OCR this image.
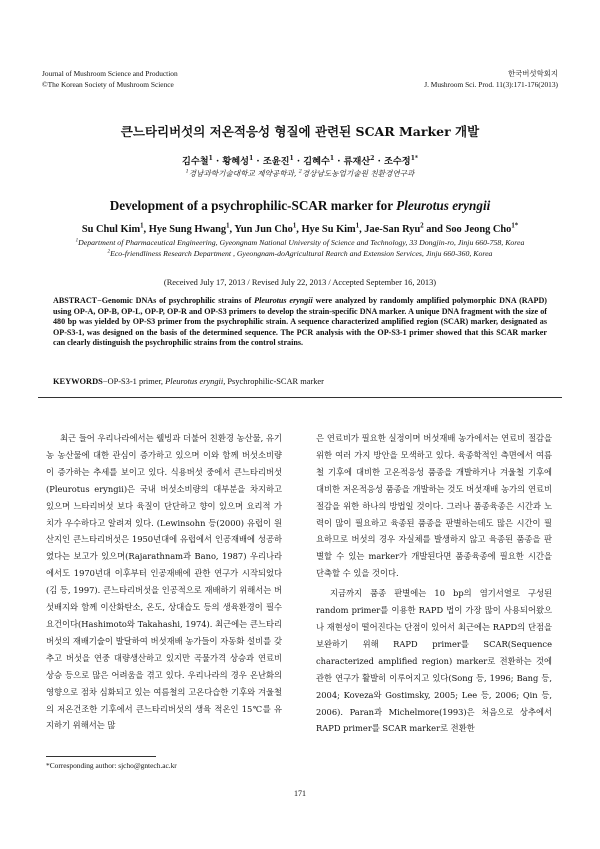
Journal of Mushroom Science and Production
©The Korean Society of Mushroom Science
한국버섯학회지
J. Mushroom Sci. Prod. 11(3):171-176(2013)
큰느타리버섯의 저온적응성 형질에 관련된 SCAR Marker 개발
김수철$^1$ · 황혜성$^1$ · 조윤진$^1$ · 김혜수$^1$ · 류재산$^2$ · 조수정$^{1*}$
$^1$경남과학기술대학교 제약공학과, $^2$경상남도농업기술원 친환경연구과
Development of a psychrophilic-SCAR marker for Pleurotus eryngii
Su Chul Kim$^1$, Hye Sung Hwang$^1$, Yun Jun Cho$^1$, Hye Su Kim$^1$, Jae-San Ryu$^2$ and Soo Jeong Cho$^{1*}$
$^1$Department of Pharmaceutical Engineering, Gyeongnam National University of Science and Technology, 33 Dongjin-ro, Jinju 660-758, Korea
$^2$Eco-friendliness Research Department , Gyeongnam-doAgricultural Rearch and Extension Services, Jinju 660-360, Korea
(Received July 17, 2013 / Revised July 22, 2013 / Accepted September 16, 2013)
ABSTRACT−Genomic DNAs of psychrophilic strains of Pleurotus eryngii were analyzed by randomly amplified polymorphic DNA (RAPD) using OP-A, OP-B, OP-L, OP-P, OP-R and OP-S3 primers to develop the strain-specific DNA marker. A unique DNA fragment with the size of 480 bp was yielded by OP-S3 primer from the psychrophilic strain. A sequence characterized amplified region (SCAR) marker, designated as OP-S3-1, was designed on the basis of the determined sequence. The PCR analysis with the OP-S3-1 primer showed that this SCAR marker can clearly distinguish the psychrophilic strains from the control strains.
KEYWORDS−OP-S3-1 primer, Pleurotus eryngii, Psychrophilic-SCAR marker

최근 들어 우리나라에서는 웰빙과 더불어 친환경 농산물, 유기농 농산물에 대한 관심이 증가하고 있으며 이와 함께 버섯소비량이 증가하는 추세를 보이고 있다. 식용버섯 중에서 큰느타리버섯(Pleurotus eryngii)은 국내 버섯소비량의 대부분을 차지하고 있으며 느타리버섯 보다 육질이 단단하고 향이 있으며 요리적 가치가 우수하다고 알려져 있다. (Lewinsohn 등(2000) 유럽이 원산지인 큰느타리버섯은 1950년대에 유럽에서 인공재배에 성공하였다는 보고가 있으며(Rajarathnam과 Bano, 1987) 우리나라에서도 1970년대 이후부터 인공재배에 관한 연구가 시작되었다(김 등, 1997). 큰느타리버섯을 인공적으로 재배하기 위해서는 버섯배지와 함께 이산화탄소, 온도, 상대습도 등의 생육환경이 필수요건이다(Hashimoto와 Takahashi, 1974). 최근에는 큰느타리버섯의 재배기술이 발달하여 버섯재배 농가들이 자동화 설비를 갖추고 버섯을 연중 대량생산하고 있지만 곡물가격 상승과 연료비 상승 등으로 많은 어려움을 겪고 있다. 우리나라의 경우 온난화의 영향으로 점차 심화되고 있는 여름철의 고온다습한 기후와 겨울철의 저온건조한 기후에서 큰느타리버섯의 생육 적온인 15℃를 유지하기 위해서는 많

은 연료비가 필요한 실정이며 버섯재배 농가에서는 연료비 절감을 위한 여러 가지 방안을 모색하고 있다. 육종학적인 측면에서 여름철 기후에 대비한 고온적응성 품종을 개발하거나 겨울철 기후에 대비한 저온적응성 품종을 개발하는 것도 버섯재배 농가의 연료비 절감을 위한 하나의 방법일 것이다. 그러나 품종육종은 시간과 노력이 많이 필요하고 육종된 품종을 판별하는데도 많은 시간이 필요하므로 버섯의 경우 자실체를 발생하지 않고 육종된 품종을 판별할 수 있는 marker가 개발된다면 품종육종에 필요한 시간을 단축할 수 있을 것이다.

지금까지 품종 판별에는 10 bp의 염기서열로 구성된 random primer를 이용한 RAPD 법이 가장 많이 사용되어왔으나 재현성이 떨어진다는 단점이 있어서 최근에는 RAPD의 단점을 보완하기 위해 RAPD primer를 SCAR(Sequence characterized amplified region) marker로 전환하는 것에 관한 연구가 활발히 이루어지고 있다(Song 등, 1996; Bang 등, 2004; Koveza와 Gostimsky, 2005; Lee 등, 2006; Qin 등, 2006). Paran과 Michelmore(1993)은 처음으로 상추에서 RAPD primer를 SCAR marker로 전환한

*Corresponding author: sjcho@gntech.ac.kr
171
